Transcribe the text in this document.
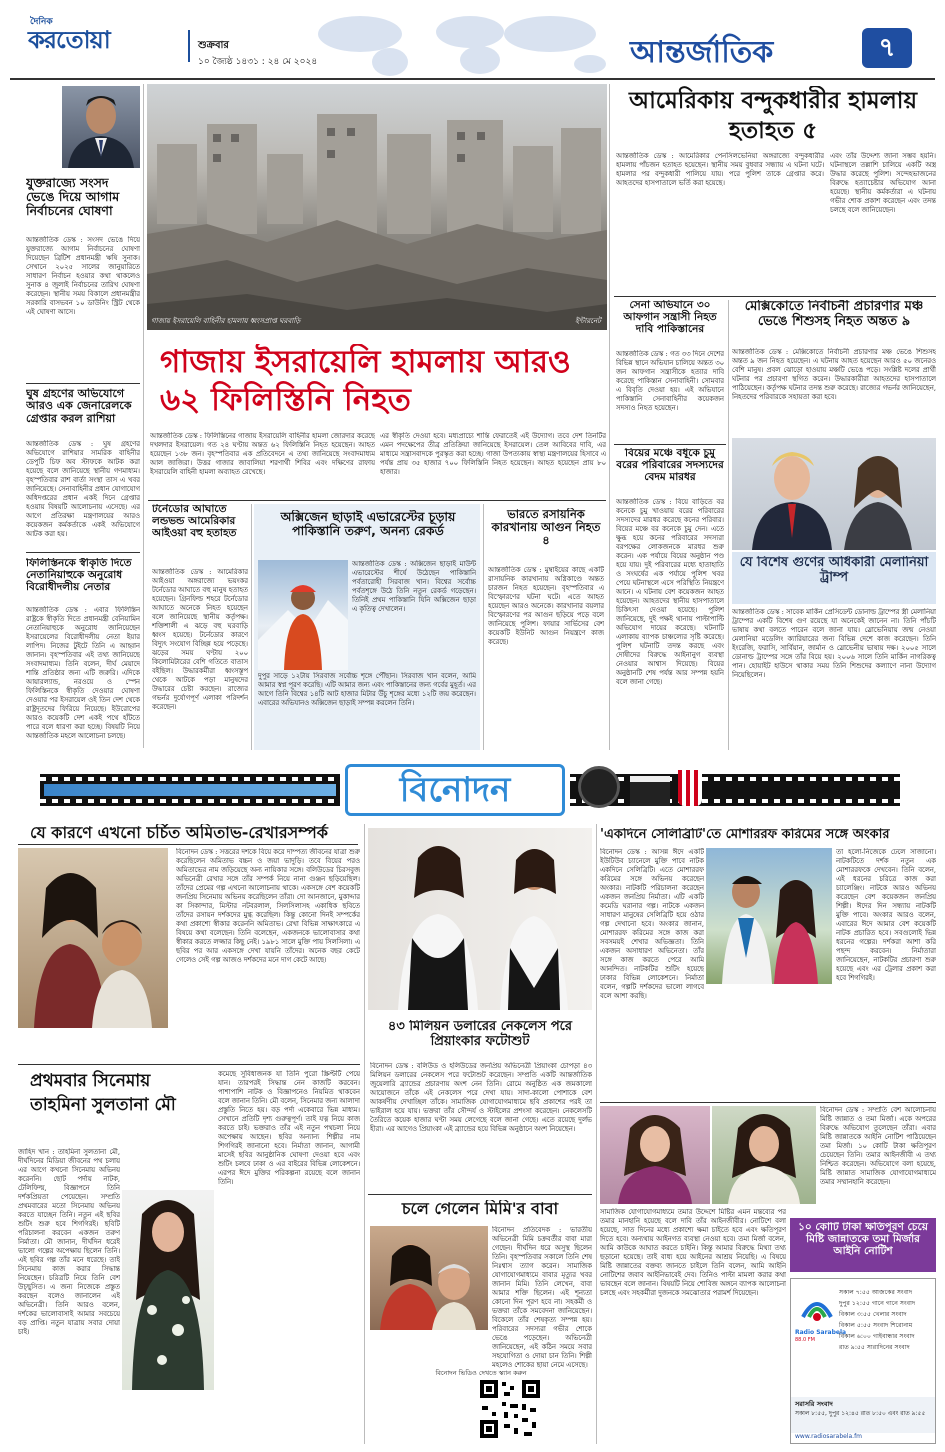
দৈনিক
করতোয়া	শুক্রবার
১০ জ্যৈষ্ঠ ১৪৩১ : ২৪ মে ২০২৪	আন্তর্জাতিক	৭
যুক্তরাজ্যে সংসদ ভেঙে দিয়ে আগাম নির্বাচনের ঘোষণা
আন্তর্জাতিক ডেস্ক : সংসদ ভেঙে দিয়ে যুক্তরাজ্যে আগাম নির্বাচনের ঘোষণা দিয়েছেন ব্রিটিশ প্রধানমন্ত্রী ঋষি সুনাক। সেখানে ২০২৫ সালের জানুয়ারিতে সাধারণ নির্বাচন হওয়ার কথা থাকলেও সুনাক ৪ জুলাই নির্বাচনের তারিখ ঘোষণা করেছেন। স্থানীয় সময় বিকালে প্রধানমন্ত্রীর সরকারি বাসভবন ১০ ডাউনিং স্ট্রিট থেকে এই ঘোষণা আসে।
ঘুষ গ্রহণের অভিযোগে আরও এক জেনারেলকে গ্রেপ্তার করল রাশিয়া
আন্তর্জাতিক ডেস্ক : ঘুষ গ্রহণের অভিযোগে রাশিয়ার সামরিক বাহিনীর ডেপুটি চিফ অব স্টাফকে আটক করা হয়েছে বলে জানিয়েছে স্থানীয় গণমাধ্যম। বৃহস্পতিবার রাশ বার্তা সংস্থা তাস এ খবর জানিয়েছে। সেনাবাহিনীর প্রধান যোগাযোগ অধিদপ্তরের প্রধান একই দিনে গ্রেপ্তার হওয়ায় বিষয়টি আলোচনায় এসেছে। এর আগে প্রতিরক্ষা মন্ত্রণালয়ের আরও কয়েকজন কর্মকর্তাকে একই অভিযোগে আটক করা হয়।
ফিলিস্তিনকে স্বীকৃতি দিতে নেতানিয়াহুকে অনুরোধ বিরোধীদলীয় নেতার
আন্তর্জাতিক ডেস্ক : এবার ফিলিস্তিন রাষ্ট্রকে স্বীকৃতি দিতে প্রধানমন্ত্রী বেনিয়ামিন নেতানিয়াহুকে অনুরোধ জানিয়েছেন ইসরায়েলের বিরোধীদলীয় নেতা ইয়ার লাপিদ। নিজের টুইটে তিনি এ আহ্বান জানান। বৃহস্পতিবার এই তথ্য জানিয়েছে সংবাদমাধ্যম। তিনি বলেন, দীর্ঘ মেয়াদে শান্তি প্রতিষ্ঠার জন্য এটি জরুরি। এদিকে আয়ারল্যান্ড, নরওয়ে ও স্পেন ফিলিস্তিনকে স্বীকৃতি দেওয়ার ঘোষণা দেওয়ার পর ইসরায়েল ওই তিন দেশ থেকে রাষ্ট্রদূতদের ফিরিয়ে নিয়েছে। ইউরোপের আরও কয়েকটি দেশ একই পথে হাঁটতে পারে বলে ধারণা করা হচ্ছে। বিষয়টি নিয়ে আন্তর্জাতিক মহলে আলোচনা চলছে।
গাজায় ইসরায়েলি বাহিনীর হামলায় ধ্বংসপ্রাপ্ত ঘরবাড়ি	ইন্টারনেট
গাজায় ইসরায়েলি হামলায় আরও ৬২ ফিলিস্তিনি নিহত
আন্তর্জাতিক ডেস্ক : ফিলিস্তিনের গাজায় ইসরায়েলি বাহিনীর হামলা জোরদার করেছে দখলদার ইসরায়েল। গত ২৪ ঘণ্টায় অন্তত ৬২ ফিলিস্তিনি নিহত হয়েছেন। আহত হয়েছেন ১৩৮ জন। বৃহস্পতিবার এক প্রতিবেদনে এ তথ্য জানিয়েছে সংবাদমাধ্যম আল জাজিরা। উত্তর গাজার জাবালিয়া শরণার্থী শিবির এবং দক্ষিণের রাফায় ইসরায়েলি বাহিনী হামলা অব্যাহত রেখেছে।
এর স্বীকৃতি দেওয়া হবে। মধ্যপ্রাচ্যে শান্তি ফেরাতেই এই উদ্যোগ। তবে দেশ তিনটির এমন পদক্ষেপের তীব্র প্রতিক্রিয়া জানিয়েছে ইসরায়েল। তেল আবিবের দাবি, এর মাধ্যমে সন্ত্রাসবাদকে পুরস্কৃত করা হচ্ছে। গাজা উপত্যকায় স্বাস্থ্য মন্ত্রণালয়ের হিসাবে এ পর্যন্ত প্রায় ৩৫ হাজার ৭০০ ফিলিস্তিনি নিহত হয়েছেন। আহত হয়েছেন প্রায় ৮০ হাজার।
টর্নেডোর আঘাতে লন্ডভন্ড আমেরিকার আইওয়া বহু হতাহত
আন্তর্জাতিক ডেস্ক : আমেরিকার আইওয়া অঙ্গরাজ্যে ভয়ংকর টর্নেডোর আঘাতে বহু মানুষ হতাহত হয়েছেন। গ্রিনফিল্ড শহরে টর্নেডোর আঘাতে অনেকে নিহত হয়েছেন বলে জানিয়েছে স্থানীয় কর্তৃপক্ষ। শক্তিশালী এ ঝড়ে বহু ঘরবাড়ি ধ্বংস হয়েছে। টর্নেডোর কারণে বিদ্যুৎ সংযোগ বিচ্ছিন্ন হয়ে পড়েছে। ঝড়ের সময় ঘণ্টায় ২০০ কিলোমিটারের বেশি গতিতে বাতাস বইছিল। উদ্ধারকর্মীরা ধ্বংসস্তূপ থেকে আটকে পড়া মানুষদের উদ্ধারের চেষ্টা করছেন। রাজ্যের গভর্নর দুর্যোগপূর্ণ এলাকা পরিদর্শন করেছেন।
অক্সিজেন ছাড়াই এভারেস্টের চূড়ায় পাকিস্তানি তরুণ, অনন্য রেকর্ড
আন্তর্জাতিক ডেস্ক : অক্সিজেন ছাড়াই মাউন্ট এভারেস্টের শীর্ষে উঠেছেন পাকিস্তানি পর্বতারোহী সিরবাজ খান। বিশ্বের সর্বোচ্চ পর্বতশৃঙ্গে উঠে তিনি নতুন রেকর্ড গড়েছেন। তিনিই প্রথম পাকিস্তানি যিনি অক্সিজেন ছাড়া এ কৃতিত্ব দেখালেন।
দুপুর সাড়ে ১২টায় সিরবাজ সর্বোচ্চ শৃঙ্গে পৌঁছান। সিরবাজ খান বলেন, আমি আমার স্বপ্ন পূরণ করেছি। এটি আমার জন্য এবং পাকিস্তানের জন্য গর্বের মুহূর্ত। এর আগে তিনি বিশ্বের ১৪টি আট হাজার মিটার উঁচু শৃঙ্গের মধ্যে ১২টি জয় করেছেন। এবারের অভিযানও অক্সিজেন ছাড়াই সম্পন্ন করলেন তিনি।
ভারতে রসায়নিক কারখানায় আগুন নিহত ৪
আন্তর্জাতিক ডেস্ক : মুম্বাইয়ের কাছে একটি রাসায়নিক কারখানায় অগ্নিকাণ্ডে অন্তত চারজন নিহত হয়েছেন। বৃহস্পতিবার এ বিস্ফোরণের ঘটনা ঘটে। এতে আহত হয়েছেন আরও অনেকে। কারখানার বয়লার বিস্ফোরণের পর আগুন ছড়িয়ে পড়ে বলে জানিয়েছে পুলিশ। ফায়ার সার্ভিসের বেশ কয়েকটি ইউনিট আগুন নিয়ন্ত্রণে কাজ করেছে।
আমেরিকায় বন্দুকধারীর হামলায় হতাহত ৫
আন্তর্জাতিক ডেস্ক : আমেরিকার পেনসিলভেনিয়া অঙ্গরাজ্যে বন্দুকধারীর হামলায় পাঁচজন হতাহত হয়েছেন। স্থানীয় সময় বুধবার সন্ধ্যায় এ ঘটনা ঘটে। হামলার পর বন্দুকধারী পালিয়ে যায়। পরে পুলিশ তাকে গ্রেপ্তার করে। আহতদের হাসপাতালে ভর্তি করা হয়েছে।
এবং তাঁর উদ্দেশ্য জানা সম্ভব হয়নি। ঘটনাস্থলে তল্লাশি চালিয়ে একটি অস্ত্র উদ্ধার করেছে পুলিশ। সন্দেহভাজনের বিরুদ্ধে হত্যাচেষ্টার অভিযোগ আনা হয়েছে। স্থানীয় কর্মকর্তারা এ ঘটনায় গভীর শোক প্রকাশ করেছেন এবং তদন্ত চলছে বলে জানিয়েছেন।
সেনা অভিযানে ৩০ আফগান সন্ত্রাসী নিহত দাবি পাকিস্তানের
আন্তর্জাতিক ডেস্ক : গত ৩৩ দিনে দেশের বিভিন্ন স্থানে অভিযান চালিয়ে অন্তত ৩০ জন আফগান সন্ত্রাসীকে হত্যার দাবি করেছে পাকিস্তান সেনাবাহিনী। সোমবার এ বিবৃতি দেওয়া হয়। এই অভিযানে পাকিস্তানি সেনাবাহিনীর কয়েকজন সদস্যও নিহত হয়েছেন।
বিয়ের মঞ্চে বধূকে চুমু বরের পরিবারের সদস্যদের বেদম মারধর
আন্তর্জাতিক ডেস্ক : বিয়ে বাড়িতে বর কনেকে চুমু খাওয়ায় বরের পরিবারের সদস্যদের মারধর করেছে কনের পরিবার। বিয়ের মঞ্চে বর কনেকে চুমু দেন। এতে ক্ষুব্ধ হয়ে কনের পরিবারের সদস্যরা বরপক্ষের লোকজনকে মারধর শুরু করেন। এক পর্যায়ে বিয়ের অনুষ্ঠান পণ্ড হয়ে যায়। দুই পরিবারের মধ্যে হাতাহাতি ও সংঘর্ষের এক পর্যায়ে পুলিশ খবর পেয়ে ঘটনাস্থলে এসে পরিস্থিতি নিয়ন্ত্রণে আনে। এ ঘটনায় বেশ কয়েকজন আহত হয়েছেন। আহতদের স্থানীয় হাসপাতালে চিকিৎসা দেওয়া হয়েছে। পুলিশ জানিয়েছে, দুই পক্ষই থানায় পাল্টাপাল্টি অভিযোগ দায়ের করেছে। ঘটনাটি এলাকায় ব্যাপক চাঞ্চল্যের সৃষ্টি করেছে। পুলিশ ঘটনাটি তদন্ত করছে এবং দোষীদের বিরুদ্ধে আইনানুগ ব্যবস্থা নেওয়ার আশ্বাস দিয়েছে। বিয়ের অনুষ্ঠানটি শেষ পর্যন্ত আর সম্পন্ন হয়নি বলে জানা গেছে।
মেক্সিকোতে নির্বাচনী প্রচারণার মঞ্চ ভেঙে শিশুসহ নিহত অন্তত ৯
আন্তর্জাতিক ডেস্ক : মেক্সিকোতে নির্বাচনী প্রচারণার মঞ্চ ভেঙে শিশুসহ অন্তত ৯ জন নিহত হয়েছেন। এ ঘটনায় আহত হয়েছেন আরও ৫০ জনেরও বেশি মানুষ। প্রবল ঝোড়ো হাওয়ায় মঞ্চটি ভেঙে পড়ে। সংশ্লিষ্ট দলের প্রার্থী ঘটনার পর প্রচারণা স্থগিত করেন। উদ্ধারকারীরা আহতদের হাসপাতালে পাঠিয়েছেন। কর্তৃপক্ষ ঘটনার তদন্ত শুরু করেছে। রাজ্যের গভর্নর জানিয়েছেন, নিহতদের পরিবারকে সহায়তা করা হবে।
যে বিশেষ গুণের অধিকারী মেলানিয়া ট্রাম্প
আন্তর্জাতিক ডেস্ক : সাবেক মার্কিন প্রেসিডেন্ট ডোনাল্ড ট্রাম্পের স্ত্রী মেলানিয়া ট্রাম্পের একটি বিশেষ গুণ রয়েছে যা অনেকেই জানেন না। তিনি পাঁচটি ভাষায় কথা বলতে পারেন বলে জানা যায়। স্লোভেনিয়ায় জন্ম নেওয়া মেলানিয়া মডেলিং ক্যারিয়ারের জন্য বিভিন্ন দেশে কাজ করেছেন। তিনি ইংরেজি, ফরাসি, সার্বিয়ান, জার্মান ও স্লোভেনীয় ভাষায় দক্ষ। ২০০৫ সালে ডোনাল্ড ট্রাম্পের সঙ্গে তাঁর বিয়ে হয়। ২০০৬ সালে তিনি মার্কিন নাগরিকত্ব পান। হোয়াইট হাউসে থাকার সময় তিনি শিশুদের কল্যাণে নানা উদ্যোগ নিয়েছিলেন।
বিনোদন
যে কারণে এখনো চর্চিত অমিতাভ-রেখারসম্পর্ক
বিনোদন ডেস্ক : সত্তরের দশকে বিয়ে করে দাম্পত্য জীবনের যাত্রা শুরু করেছিলেন অমিতাভ বচ্চন ও জয়া ভাদুড়ি। তবে বিয়ের পরও অমিতাভের নাম জড়িয়েছে অন্য নায়িকার সঙ্গে। বলিউডের চিরসবুজ অভিনেত্রী রেখার সঙ্গে তাঁর সম্পর্ক নিয়ে নানা গুঞ্জন ছড়িয়েছিল। তাঁদের প্রেমের গল্প এখনো আলোচনায় থাকে। একসঙ্গে বেশ কয়েকটি জনপ্রিয় সিনেমায় অভিনয় করেছিলেন তাঁরা। দো আনজানে, মুকাদ্দার কা সিকান্দার, মিস্টার নটবরলাল, সিলসিলাসহ একাধিক ছবিতে তাঁদের রসায়ন দর্শকদের মুগ্ধ করেছিল। কিন্তু কোনো দিনই সম্পর্কের কথা প্রকাশ্যে স্বীকার করেননি অমিতাভ। রেখা বিভিন্ন সাক্ষাৎকারে এ বিষয়ে কথা বলেছেন। তিনি বলেছেন, একজনকে ভালোবাসার কথা স্বীকার করতে লজ্জার কিছু নেই। ১৯৮১ সালে মুক্তি পায় সিলসিলা। এ ছবির পর আর একসঙ্গে দেখা যায়নি তাঁদের। অনেক বছর কেটে গেলেও সেই গল্প আজও দর্শকদের মনে দাগ কেটে আছে।
প্রথমবার সিনেমায় তাহমিনা সুলতানা মৌ
জাহিদ খান : তাহমিনা সুলতানা মৌ, দীর্ঘদিনের মিডিয়া জীবনের পথ চলায় এর আগে কখনো সিনেমায় অভিনয় করেননি। ছোট পর্দায় নাটক, টেলিফিল্ম, বিজ্ঞাপনে তিনি দর্শকপ্রিয়তা পেয়েছেন। সম্প্রতি প্রথমবারের মতো সিনেমায় অভিনয় করতে যাচ্ছেন তিনি। নতুন এই ছবির শুটিং শুরু হবে শিগগিরই। ছবিটি পরিচালনা করবেন একজন তরুণ নির্মাতা। মৌ জানান, দীর্ঘদিন ধরেই ভালো গল্পের অপেক্ষায় ছিলেন তিনি। এই ছবির গল্প তাঁর মনে ধরেছে। তাই সিনেমায় কাজ করার সিদ্ধান্ত নিয়েছেন। চরিত্রটি নিয়ে তিনি বেশ উচ্ছ্বসিত। এ জন্য নিজেকে প্রস্তুত করছেন বলেও জানালেন এই অভিনেত্রী। তিনি আরও বলেন, দর্শকের ভালোবাসাই আমার সবচেয়ে বড় প্রাপ্তি। নতুন যাত্রায় সবার দোয়া চাই।
কমেছে সুবিধাজনক যা তিনি পুরো স্ক্রিপ্টটি পেয়ে যান। তারপরই সিদ্ধান্ত নেন কাজটি করবেন। পাশাপাশি নাটক ও বিজ্ঞাপনেও নিয়মিত থাকবেন বলে জানান তিনি। মৌ বলেন, সিনেমার জন্য আলাদা প্রস্তুতি নিতে হয়। বড় পর্দা একেবারে ভিন্ন মাধ্যম। সেখানে প্রতিটি দৃশ্য গুরুত্বপূর্ণ। তাই যত্ন নিয়ে কাজ করতে চাই। ভক্তরাও তাঁর এই নতুন পথচলা নিয়ে অপেক্ষায় আছেন। ছবির অন্যান্য শিল্পীর নাম শিগগিরই জানানো হবে। নির্মাতা জানান, আগামী মাসেই ছবির আনুষ্ঠানিক ঘোষণা দেওয়া হবে এবং শুটিং চলবে ঢাকা ও এর বাইরের বিভিন্ন লোকেশনে। এরপর ঈদে মুক্তির পরিকল্পনা রয়েছে বলে জানান তিনি।
৪৩ মিলিয়ন ডলারের নেকলেস পরে প্রিয়াংকার ফটোশুট
বিনোদন ডেস্ক : বলিউড ও হলিউডের জনপ্রিয় অভিনেত্রী প্রিয়াংকা চোপড়া ৪৩ মিলিয়ন ডলারের নেকলেস পরে ফটোশুট করেছেন। সম্প্রতি একটি আন্তর্জাতিক জুয়েলারি ব্র্যান্ডের প্রচারণায় অংশ নেন তিনি। রোমে অনুষ্ঠিত এক জমকালো আয়োজনে তাঁকে এই নেকলেস পরে দেখা যায়। সাদা-কালো পোশাকে বেশ আকর্ষণীয় দেখাচ্ছিল তাঁকে। সামাজিক যোগাযোগমাধ্যমে ছবি প্রকাশের পরই তা ভাইরাল হয়ে যায়। ভক্তরা তাঁর সৌন্দর্য ও স্টাইলের প্রশংসা করেছেন। নেকলেসটি তৈরিতে কয়েক হাজার ঘণ্টা সময় লেগেছে বলে জানা গেছে। এতে রয়েছে দুর্লভ হীরা। এর আগেও প্রিয়াংকা এই ব্র্যান্ডের হয়ে বিভিন্ন অনুষ্ঠানে অংশ নিয়েছেন।
চলে গেলেন মিমি'র বাবা
বিনোদন প্রতিবেদক : ভারতীয় অভিনেত্রী মিমি চক্রবর্তীর বাবা মারা গেছেন। দীর্ঘদিন ধরে অসুস্থ ছিলেন তিনি। বৃহস্পতিবার সকালে তিনি শেষ নিঃশ্বাস ত্যাগ করেন। সামাজিক যোগাযোগমাধ্যমে বাবার মৃত্যুর খবর জানান মিমি। তিনি লেখেন, বাবা আমার শক্তি ছিলেন। এই শূন্যতা কোনো দিন পূরণ হবে না। সহকর্মী ও ভক্তরা তাঁকে সমবেদনা জানিয়েছেন। বিকেলে তাঁর শেষকৃত্য সম্পন্ন হয়। পরিবারের সদস্যরা গভীর শোকে ভেঙে পড়েছেন। অভিনেত্রী জানিয়েছেন, এই কঠিন সময়ে সবার সহযোগিতা ও দোয়া চান তিনি। শিল্পী মহলেও শোকের ছায়া নেমে এসেছে।
বিনোদন ভিডিও দেখতে স্ক্যান করুন
'একদিনে সেলিব্রিটি'তে মোশাররফ করিমের সঙ্গে অংকার
বিনোদন ডেস্ক : আসন্ন ঈদে একটি ইউটিউব চ্যানেলে মুক্তি পাবে নাটক একদিনে সেলিব্রিটি। এতে মোশাররফ করিমের সঙ্গে অভিনয় করেছেন অংকার। নাটকটি পরিচালনা করেছেন একজন জনপ্রিয় নির্মাতা। এটি একটি কমেডি ঘরানার গল্প। নাটকে একজন সাধারণ মানুষের সেলিব্রিটি হয়ে ওঠার গল্প দেখানো হবে। অংকার জানান, মোশাররফ করিমের সঙ্গে কাজ করা সবসময়ই শেখার অভিজ্ঞতা। তিনি একজন অসাধারণ অভিনেতা। তাঁর সঙ্গে কাজ করতে পেরে আমি আনন্দিত। নাটকটির শুটিং হয়েছে ঢাকার বিভিন্ন লোকেশনে। নির্মাতা বলেন, গল্পটি দর্শকদের ভালো লাগবে বলে আশা করছি।
তা হলো-নিজেকে ঢেলে সাজানো। নাটকটিতে দর্শক নতুন এক মোশাররফকে দেখবেন। তিনি বলেন, এই ধরনের চরিত্রে কাজ করা চ্যালেঞ্জিং। নাটকে আরও অভিনয় করেছেন বেশ কয়েকজন জনপ্রিয় শিল্পী। ঈদের দিন সন্ধ্যায় নাটকটি মুক্তি পাবে। অংকার আরও বলেন, এবারের ঈদে আমার বেশ কয়েকটি নাটক প্রচারিত হবে। সবগুলোই ভিন্ন ধরনের গল্পের। দর্শকরা আশা করি পছন্দ করবেন। নির্মাতারা জানিয়েছেন, নাটকটির প্রচারণা শুরু হয়েছে এবং এর ট্রেলার প্রকাশ করা হবে শিগগিরই।
বিনোদন ডেস্ক : সম্প্রতি বেশ আলোচনায় মিষ্টি জান্নাত ও তমা মির্জা। একে অপরের বিরুদ্ধে অভিযোগ তুলেছেন তাঁরা। এবার মিষ্টি জান্নাতকে আইনি নোটিশ পাঠিয়েছেন তমা মির্জা। ১০ কোটি টাকা ক্ষতিপূরণ চেয়েছেন তিনি। তমার আইনজীবী এ তথ্য নিশ্চিত করেছেন। অভিযোগে বলা হয়েছে, মিষ্টি জান্নাত সামাজিক যোগাযোগমাধ্যমে তমার সম্মানহানি করেছেন।
১০ কোটি টাকা ক্ষতিপূরণ চেয়ে মিষ্টি জান্নাতকে তমা মির্জার আইনি নোটিশ
সামাজিক যোগাযোগমাধ্যমে তমার উদ্দেশে মিষ্টির এমন মন্তব্যের পর তমার মানহানি হয়েছে বলে দাবি তাঁর আইনজীবীর। নোটিশে বলা হয়েছে, সাত দিনের মধ্যে প্রকাশ্যে ক্ষমা চাইতে হবে এবং ক্ষতিপূরণ দিতে হবে। অন্যথায় আইনগত ব্যবস্থা নেওয়া হবে। তমা মির্জা বলেন, আমি কাউকে আঘাত করতে চাইনি। কিন্তু আমার বিরুদ্ধে মিথ্যা তথ্য ছড়ানো হয়েছে। তাই বাধ্য হয়ে আইনের আশ্রয় নিয়েছি। এ বিষয়ে মিষ্টি জান্নাতের বক্তব্য জানতে চাইলে তিনি বলেন, আমি আইনি নোটিশের জবাব আইনিভাবেই দেব। তিনিও পাল্টা মামলা করার কথা ভাবছেন বলে জানান। বিষয়টি নিয়ে শোবিজ অঙ্গনে ব্যাপক আলোচনা চলছে এবং সহকর্মীরা দুজনকে সমঝোতার পরামর্শ দিয়েছেন।
Radio Sarabela
88.0 FM
সকাল ৭:৫৫ আজকের সংবাদ
দুপুর ১২:৫৫ গানে গানে সংবাদ
বিকাল ৩:৫৫ খেলার সংবাদ
বিকাল ৫:৫৫ সংবাদ শিরোনাম
বিকাল ৬:০০ গাইবান্ধার সংবাদ
রাত ৯:৫৫ সারাদিনের সংবাদ
সরাসরি সংবাদ
সকাল ৮:৫৫, দুপুর ১২:৪৫ রাত ৮:৫০ এবং রাত ৯:৫৫
www.radiosarabela.fm
